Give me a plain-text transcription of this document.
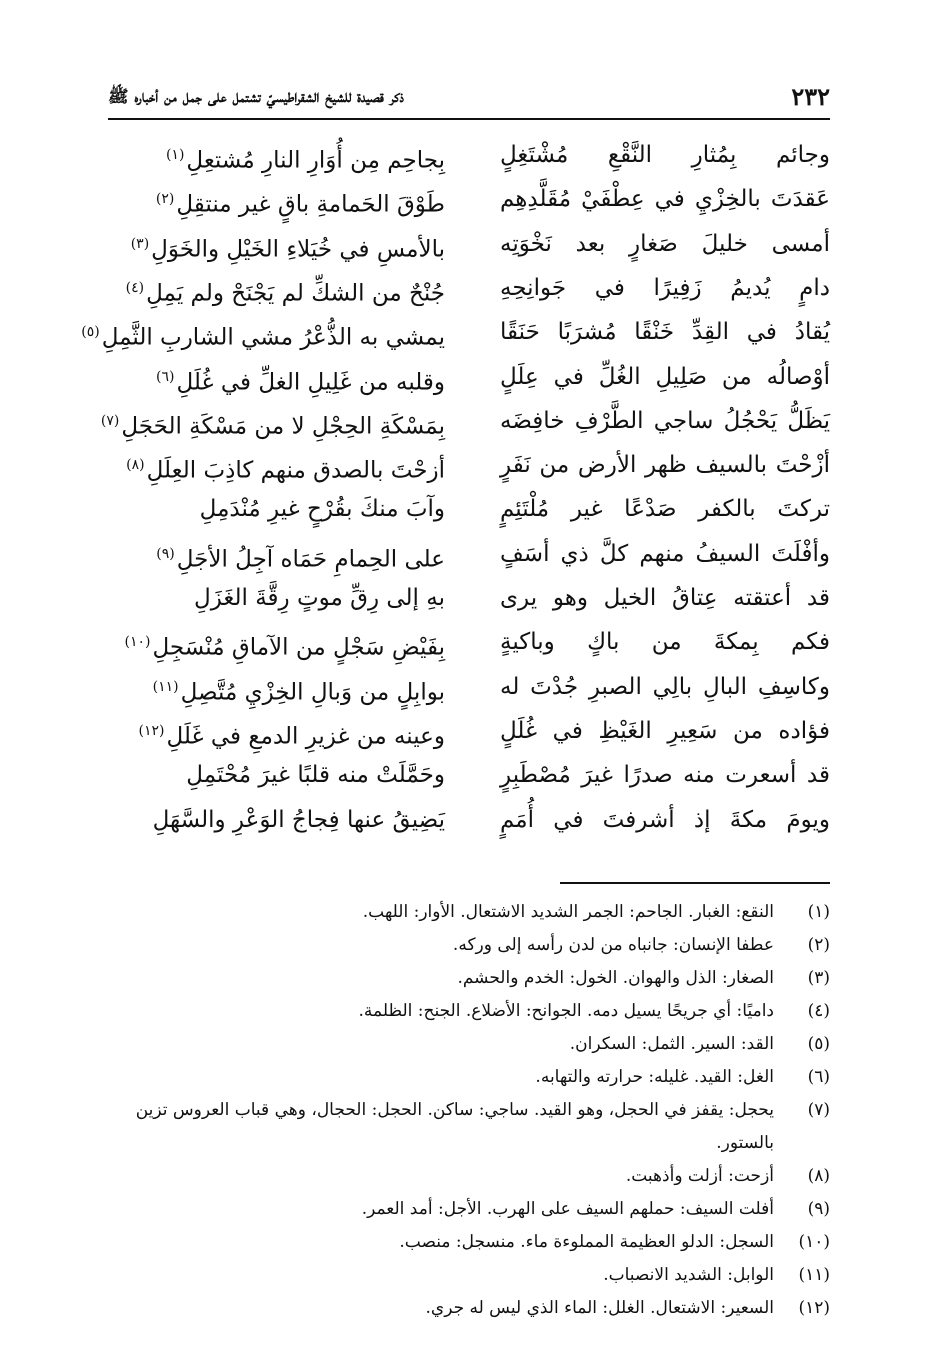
٢٣٢
ذكر قصيدة للشيخ الشقراطيسيّ تشتمل على جمل من أخباره ﷺ
وجائم بِمُثارِ النَّقْعِ مُشْتَغِلٍ
بِجاحِم مِن أُوَارِ النارِ مُشتعِلِ$^{(١)}$
عَقدَتَ بالخِزْيِ في عِطْفَيْ مُقَلَّدِهِم
طَوْقَ الحَمامةِ باقٍ غير منتقِلِ$^{(٢)}$
أمسى خليلَ صَغارٍ بعد نَخْوَتِه
بالأمسِ في خُيَلاءِ الخَيْلِ والخَوَلِ$^{(٣)}$
دامٍ يُديمُ زَفِيرًا في جَوانِحِهِ
جُنْحٌ من الشكِّ لم يَجْنَحْ ولم يَمِلِ$^{(٤)}$
يُقادُ في القِدِّ خَنْقًا مُشرَبًا حَنَقًا
يمشي به الذُّعْرُ مشي الشاربِ الثَّمِلِ$^{(٥)}$
أوْصالُه من صَلِيلِ الغُلِّ في عِلَلٍ
وقلبه من غَلِيلِ الغلِّ في غُلَلِ$^{(٦)}$
يَظَلُّ يَحْجُلُ ساجي الطَّرْفِ خافِضَه
بِمَسْكَةِ الحِجْلِ لا من مَسْكَةِ الحَجَلِ$^{(٧)}$
أزْحْتَ بالسيف ظهر الأرض من نَفَرٍ
أزحْتَ بالصدق منهم كاذِبَ العِلَلِ$^{(٨)}$
تركتَ بالكفر صَدْعًا غير مُلْتَئِمٍ
وآبَ منكَ بقُرْحٍ غيرِ مُنْدَمِلِ
وأفْلَتَ السيفُ منهم كلَّ ذي أسَفٍ
على الحِمامِ حَمَاه آجِلُ الأجَلِ$^{(٩)}$
قد أعتقته عِتاقُ الخيل وهو يرى
بهِ إلى رِقِّ موتٍ رِقَّةَ الغَزَلِ
فكم بِمكةَ من باكٍ وباكيةٍ
بِفَيْضِ سَجْلٍ من الآماقِ مُنْسَجِلِ$^{(١٠)}$
وكاسِفِ البالِ بالِي الصبرِ جُدْتَ له
بوابِلٍ من وَبالِ الخِزْيِ مُتَّصِلِ$^{(١١)}$
فؤاده من سَعِيرِ الغَيْظِ في غُلَلٍ
وعينه من غزيرِ الدمعِ في غَلَلِ$^{(١٢)}$
قد أسعرت منه صدرًا غيرَ مُصْطَبِرٍ
وحَمَّلَتْ منه قلبًا غيرَ مُحْتَمِلِ
ويومَ مكةَ إذ أشرفتَ في أُمَمٍ
يَضِيقُ عنها فِجاجُ الوَعْرِ والسَّهَلِ
(١)
النقع: الغبار. الجاحم: الجمر الشديد الاشتعال. الأوار: اللهب.
(٢)
عطفا الإنسان: جانباه من لدن رأسه إلى وركه.
(٣)
الصغار: الذل والهوان. الخول: الخدم والحشم.
(٤)
داميًا: أي جريحًا يسيل دمه. الجوانح: الأضلاع. الجنح: الظلمة.
(٥)
القد: السير. الثمل: السكران.
(٦)
الغل: القيد. غليله: حرارته والتهابه.
(٧)
يحجل: يقفز في الحجل، وهو القيد. ساجي: ساكن. الحجل: الحجال، وهي قباب العروس تزين بالستور.
(٨)
أزحت: أزلت وأذهبت.
(٩)
أفلت السيف: حملهم السيف على الهرب. الأجل: أمد العمر.
(١٠)
السجل: الدلو العظيمة المملوءة ماء. منسجل: منصب.
(١١)
الوابل: الشديد الانصباب.
(١٢)
السعير: الاشتعال. الغلل: الماء الذي ليس له جري.
